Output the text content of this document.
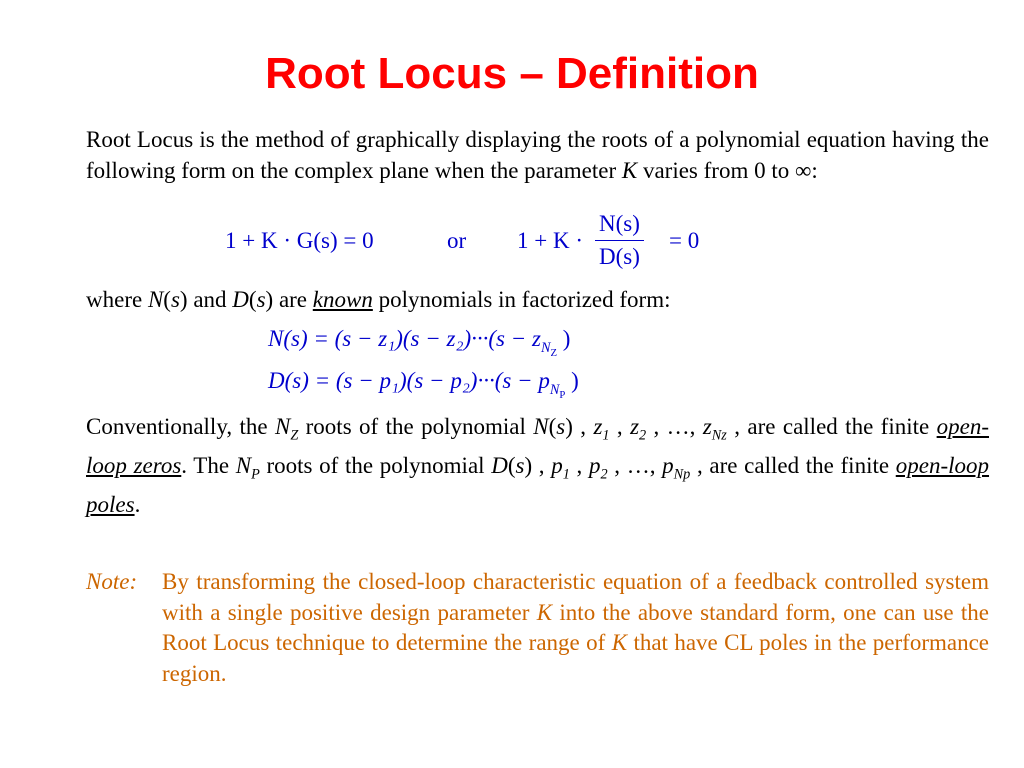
Root Locus – Definition

Root Locus is the method of graphically displaying the roots of a polynomial equation having the following form on the complex plane when the parameter K varies from 0 to ∞:

1 + K · G(s) = 0	or $1 + K \cdot \frac{N(s)}{D(s)} = 0$

where N(s) and D(s) are known polynomials in factorized form:

$N(s) = (s - z_1)(s - z_2)\cdot\cdot\cdot(s - z_{N_Z}$ )
$D(s) = (s - p_1)(s - p_2)\cdot\cdot\cdot(s - p_{N_P}$ )

Conventionally, the $N_Z$ roots of the polynomial N(s) , $z_1$ , $z_2$ , …, $z_{Nz}$ , are called the finite open-loop zeros. The $N_P$ roots of the polynomial D(s) , $p_1$ , $p_2$ , …, $p_{Np}$ , are called the finite open-loop poles.

Note: By transforming the closed-loop characteristic equation of a feedback controlled system with a single positive design parameter K into the above standard form, one can use the Root Locus technique to determine the range of K that have CL poles in the performance region.
